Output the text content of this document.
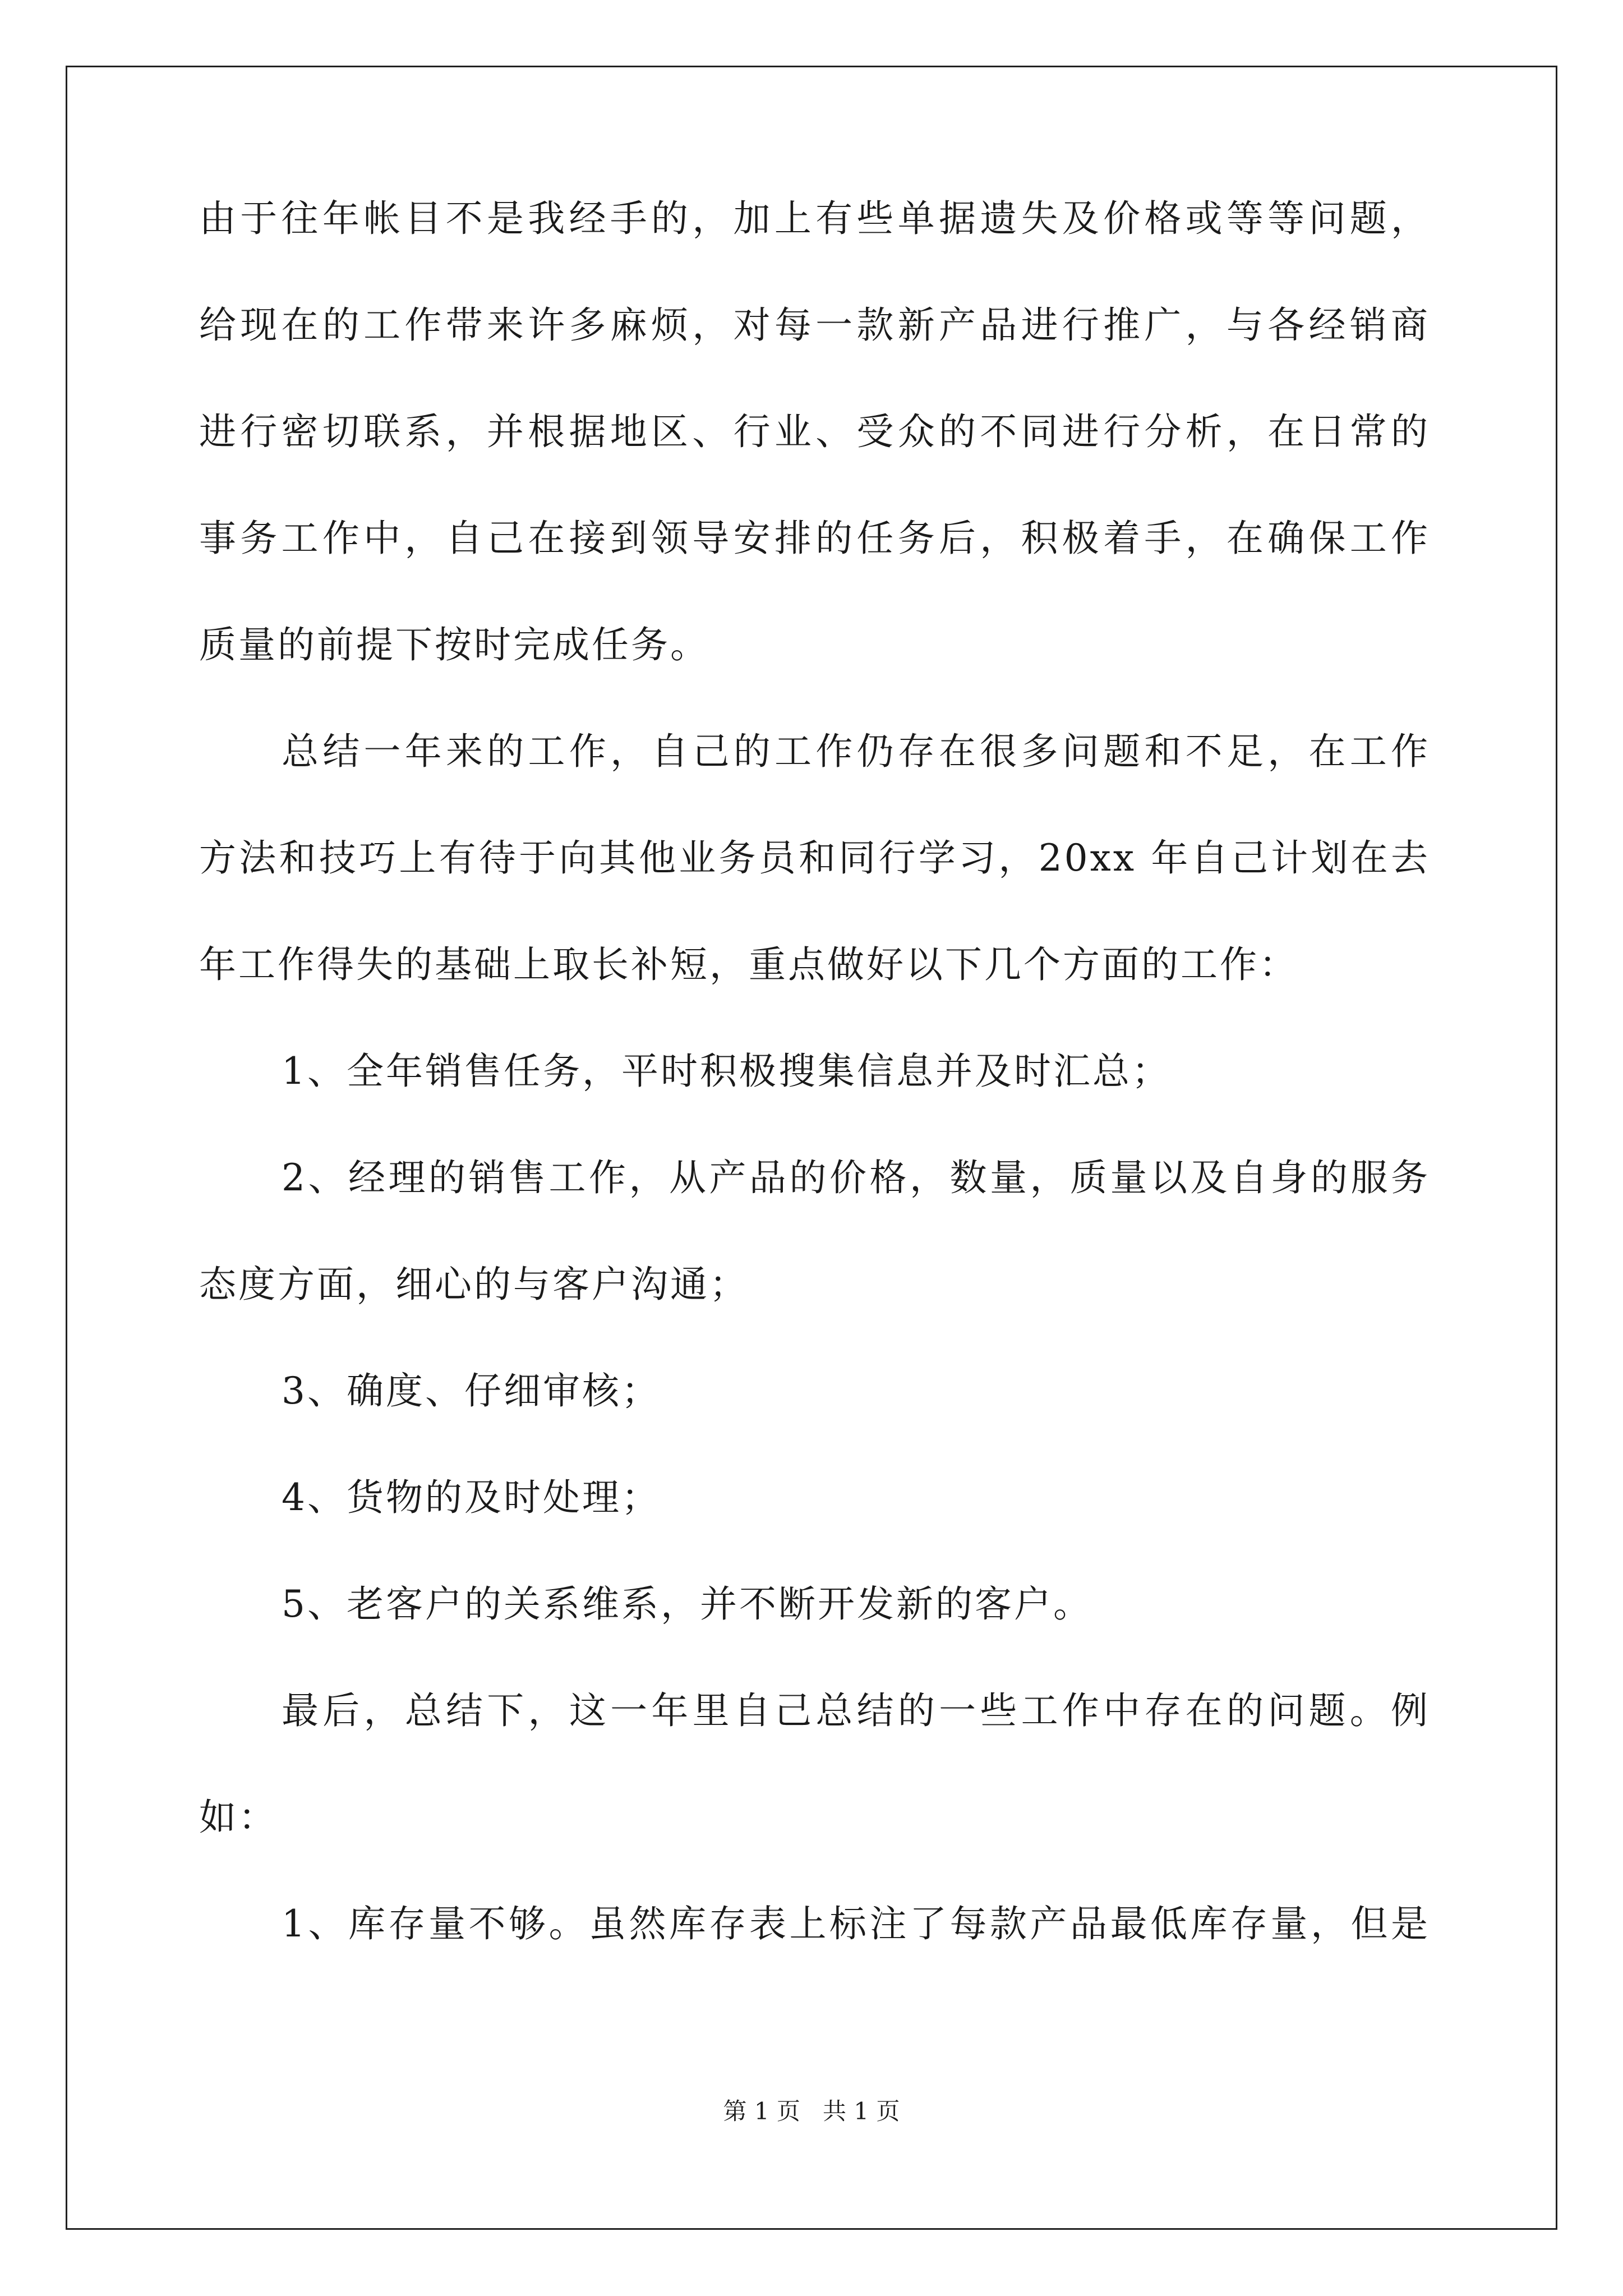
由于往年帐目不是我经手的，加上有些单据遗失及价格或等等问题，
给现在的工作带来许多麻烦，对每一款新产品进行推广，与各经销商
进行密切联系，并根据地区、行业、受众的不同进行分析，在日常的
事务工作中，自己在接到领导安排的任务后，积极着手，在确保工作
质量的前提下按时完成任务。
总结一年来的工作，自己的工作仍存在很多问题和不足，在工作
方法和技巧上有待于向其他业务员和同行学习，20xx 年自己计划在去
年工作得失的基础上取长补短，重点做好以下几个方面的工作：
1、全年销售任务，平时积极搜集信息并及时汇总；
2、经理的销售工作，从产品的价格，数量，质量以及自身的服务
态度方面，细心的与客户沟通；
3、确度、仔细审核；
4、货物的及时处理；
5、老客户的关系维系，并不断开发新的客户。
最后，总结下，这一年里自己总结的一些工作中存在的问题。例
如：
1、库存量不够。虽然库存表上标注了每款产品最低库存量，但是
第 1 页 共 1 页
